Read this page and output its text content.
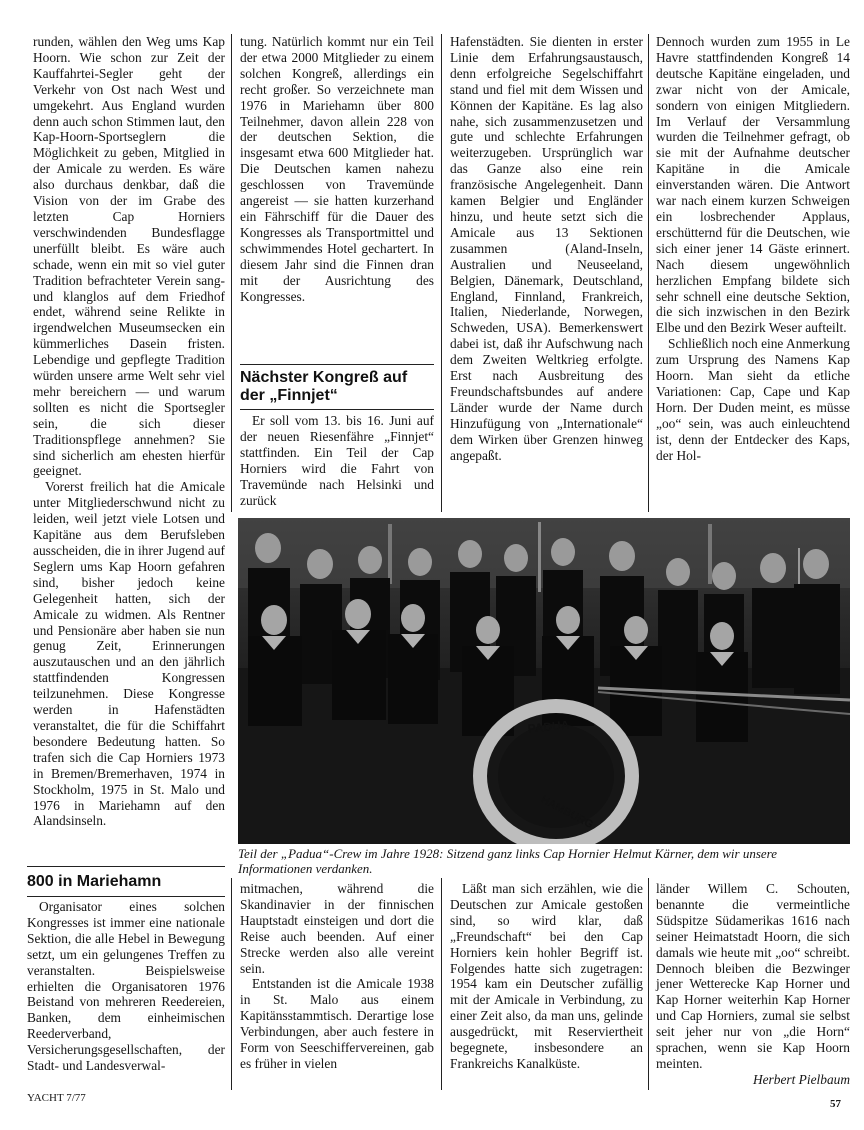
runden, wählen den Weg ums Kap Hoorn. Wie schon zur Zeit der Kauffahrtei-Segler geht der Verkehr von Ost nach West und umgekehrt. Aus England wurden denn auch schon Stimmen laut, den Kap-Hoorn-Sportseglern die Möglichkeit zu geben, Mitglied in der Amicale zu werden. Es wäre also durchaus denkbar, daß die Vision von der im Grabe des letzten Cap Horniers verschwindenden Bundesflagge unerfüllt bleibt. Es wäre auch schade, wenn ein mit so viel guter Tradition befrachteter Verein sang- und klanglos auf dem Friedhof endet, während seine Relikte in irgendwelchen Museumsecken ein kümmerliches Dasein fristen. Lebendige und gepflegte Tradition würden unsere arme Welt sehr viel mehr bereichern — und warum sollten es nicht die Sportsegler sein, die sich dieser Traditionspflege annehmen? Sie sind sicherlich am ehesten hierfür geeignet.

Vorerst freilich hat die Amicale unter Mitgliederschwund nicht zu leiden, weil jetzt viele Lotsen und Kapitäne aus dem Berufsleben ausscheiden, die in ihrer Jugend auf Seglern ums Kap Hoorn gefahren sind, bisher jedoch keine Gelegenheit hatten, sich der Amicale zu widmen. Als Rentner und Pensionäre aber haben sie nun genug Zeit, Erinnerungen auszutauschen und an den jährlich stattfindenden Kongressen teilzunehmen. Diese Kongresse werden in Hafenstädten veranstaltet, die für die Schiffahrt besondere Bedeutung hatten. So trafen sich die Cap Horniers 1973 in Bremen/Bremerhaven, 1974 in Stockholm, 1975 in St. Malo und 1976 in Mariehamn auf den Alandsinseln.

tung. Natürlich kommt nur ein Teil der etwa 2000 Mitglieder zu einem solchen Kongreß, allerdings ein recht großer. So verzeichnete man 1976 in Mariehamn über 800 Teilnehmer, davon allein 228 von der deutschen Sektion, die insgesamt etwa 600 Mitglieder hat. Die Deutschen kamen nahezu geschlossen von Travemünde angereist — sie hatten kurzerhand ein Fährschiff für die Dauer des Kongresses als Transportmittel und schwimmendes Hotel gechartert. In diesem Jahr sind die Finnen dran mit der Ausrichtung des Kongresses.

Nächster Kongreß auf der „Finnjet“

Er soll vom 13. bis 16. Juni auf der neuen Riesenfähre „Finnjet“ stattfinden. Ein Teil der Cap Horniers wird die Fahrt von Travemünde nach Helsinki und zurück

Hafenstädten. Sie dienten in erster Linie dem Erfahrungsaustausch, denn erfolgreiche Segelschiffahrt stand und fiel mit dem Wissen und Können der Kapitäne. Es lag also nahe, sich zusammenzusetzen und gute und schlechte Erfahrungen weiterzugeben. Ursprünglich war das Ganze also eine rein französische Angelegenheit. Dann kamen Belgier und Engländer hinzu, und heute setzt sich die Amicale aus 13 Sektionen zusammen (Aland-Inseln, Australien und Neuseeland, Belgien, Dänemark, Deutschland, England, Finnland, Frankreich, Italien, Niederlande, Norwegen, Schweden, USA). Bemerkenswert dabei ist, daß ihr Aufschwung nach dem Zweiten Weltkrieg erfolgte. Erst nach Ausbreitung des Freundschaftsbundes auf andere Länder wurde der Name durch Hinzufügung von „Internationale“ dem Wirken über Grenzen hinweg angepaßt.

Dennoch wurden zum 1955 in Le Havre stattfindenden Kongreß 14 deutsche Kapitäne eingeladen, und zwar nicht von der Amicale, sondern von einigen Mitgliedern. Im Verlauf der Versammlung wurden die Teilnehmer gefragt, ob sie mit der Aufnahme deutscher Kapitäne in die Amicale einverstanden wären. Die Antwort war nach einem kurzen Schweigen ein losbrechender Applaus, erschütternd für die Deutschen, wie sich einer jener 14 Gäste erinnert. Nach diesem ungewöhnlich herzlichen Empfang bildete sich sehr schnell eine deutsche Sektion, die sich inzwischen in den Bezirk Elbe und den Bezirk Weser aufteilt.

Schließlich noch eine Anmerkung zum Ursprung des Namens Kap Hoorn. Man sieht da etliche Variationen: Cap, Cape und Kap Horn. Der Duden meint, es müsse „oo“ sein, was auch einleuchtend ist, denn der Entdecker des Kaps, der Hol-

PADUA
HAMBURG

Teil der „Padua“-Crew im Jahre 1928: Sitzend ganz links Cap Hornier Helmut Kärner, dem wir unsere Informationen verdanken.

800 in Mariehamn

Organisator eines solchen Kongresses ist immer eine nationale Sektion, die alle Hebel in Bewegung setzt, um ein gelungenes Treffen zu veranstalten. Beispielsweise erhielten die Organisatoren 1976 Beistand von mehreren Reedereien, Banken, dem einheimischen Reederverband, Versicherungsgesellschaften, der Stadt- und Landesverwal-

mitmachen, während die Skandinavier in der finnischen Hauptstadt einsteigen und dort die Reise auch beenden. Auf einer Strecke werden also alle vereint sein.

Entstanden ist die Amicale 1938 in St. Malo aus einem Kapitänsstammtisch. Derartige lose Verbindungen, aber auch festere in Form von Seeschiffervereinen, gab es früher in vielen

Läßt man sich erzählen, wie die Deutschen zur Amicale gestoßen sind, so wird klar, daß „Freundschaft“ bei den Cap Horniers kein hohler Begriff ist. Folgendes hatte sich zugetragen: 1954 kam ein Deutscher zufällig mit der Amicale in Verbindung, zu einer Zeit also, da man uns, gelinde ausgedrückt, mit Reserviertheit begegnete, insbesondere an Frankreichs Kanalküste.

länder Willem C. Schouten, benannte die vermeintliche Südspitze Südamerikas 1616 nach seiner Heimatstadt Hoorn, die sich damals wie heute mit „oo“ schreibt. Dennoch bleiben die Bezwinger jener Wetterecke Kap Horner und Kap Horner weiterhin Kap Horner und Cap Horniers, zumal sie selbst seit jeher nur von „die Horn“ sprachen, wenn sie Kap Hoorn meinten.

Herbert Pielbaum

YACHT 7/77	57
